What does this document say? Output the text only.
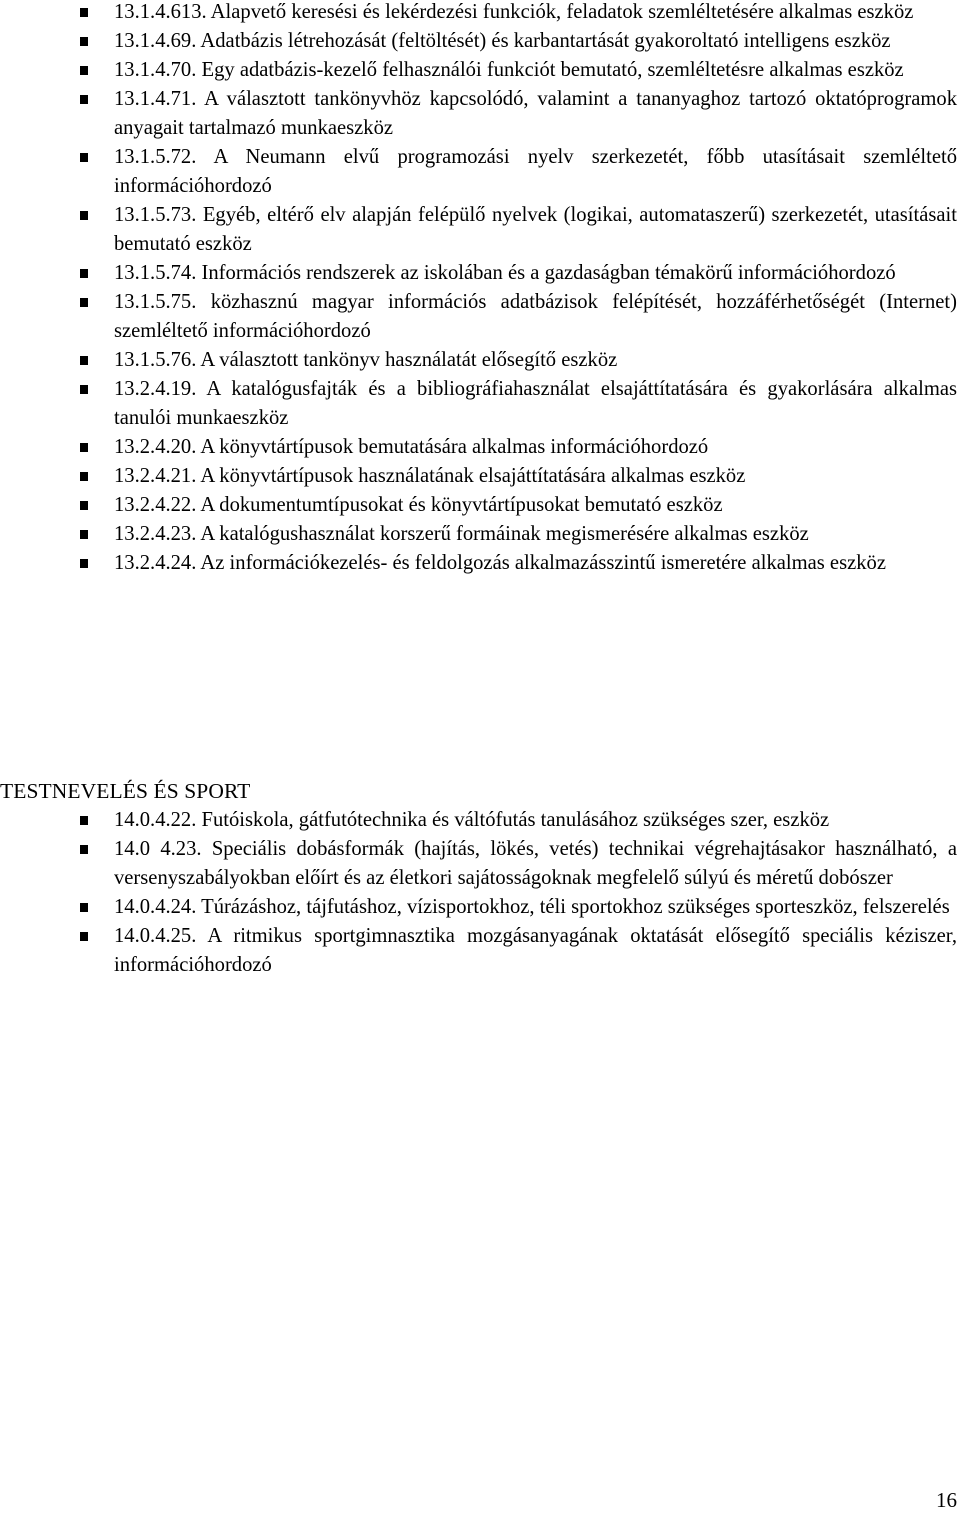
13.1.4.613. Alapvető keresési és lekérdezési funkciók, feladatok szemléltetésére alkalmas eszköz
13.1.4.69. Adatbázis létrehozását (feltöltését) és karbantartását gyakoroltató intelligens eszköz
13.1.4.70. Egy adatbázis-kezelő felhasználói funkciót bemutató, szemléltetésre alkalmas eszköz
13.1.4.71. A választott tankönyvhöz kapcsolódó, valamint a tananyaghoz tartozó oktatóprogramok anyagait tartalmazó munkaeszköz
13.1.5.72. A Neumann elvű programozási nyelv szerkezetét, főbb utasításait szemléltető információhordozó
13.1.5.73. Egyéb, eltérő elv alapján felépülő nyelvek (logikai, automataszerű) szerkezetét, utasításait bemutató eszköz
13.1.5.74. Információs rendszerek az iskolában és a gazdaságban témakörű információhordozó
13.1.5.75. közhasznú magyar információs adatbázisok felépítését, hozzáférhetőségét (Internet) szemléltető információhordozó
13.1.5.76. A választott tankönyv használatát elősegítő eszköz
13.2.4.19. A katalógusfajták és a bibliográfiahasználat elsajáttítatására és gyakorlására alkalmas tanulói munkaeszköz
13.2.4.20. A könyvtártípusok bemutatására alkalmas információhordozó
13.2.4.21. A könyvtártípusok használatának elsajáttítatására alkalmas eszköz
13.2.4.22. A dokumentumtípusokat és könyvtártípusokat bemutató eszköz
13.2.4.23. A katalógushasználat korszerű formáinak megismerésére alkalmas eszköz
13.2.4.24. Az információkezelés- és feldolgozás alkalmazásszintű ismeretére alkalmas eszköz
TESTNEVELÉS ÉS SPORT
14.0.4.22. Futóiskola, gátfutótechnika és váltófutás tanulásához szükséges szer, eszköz
14.0 4.23. Speciális dobásformák (hajítás, lökés, vetés) technikai végrehajtásakor használható, a versenyszabályokban előírt és az életkori sajátosságoknak megfelelő súlyú és méretű dobószer
14.0.4.24. Túrázáshoz, tájfutáshoz, vízisportokhoz, téli sportokhoz szükséges sporteszköz, felszerelés
14.0.4.25. A ritmikus sportgimnasztika mozgásanyagának oktatását elősegítő speciális kéziszer, információhordozó
16
